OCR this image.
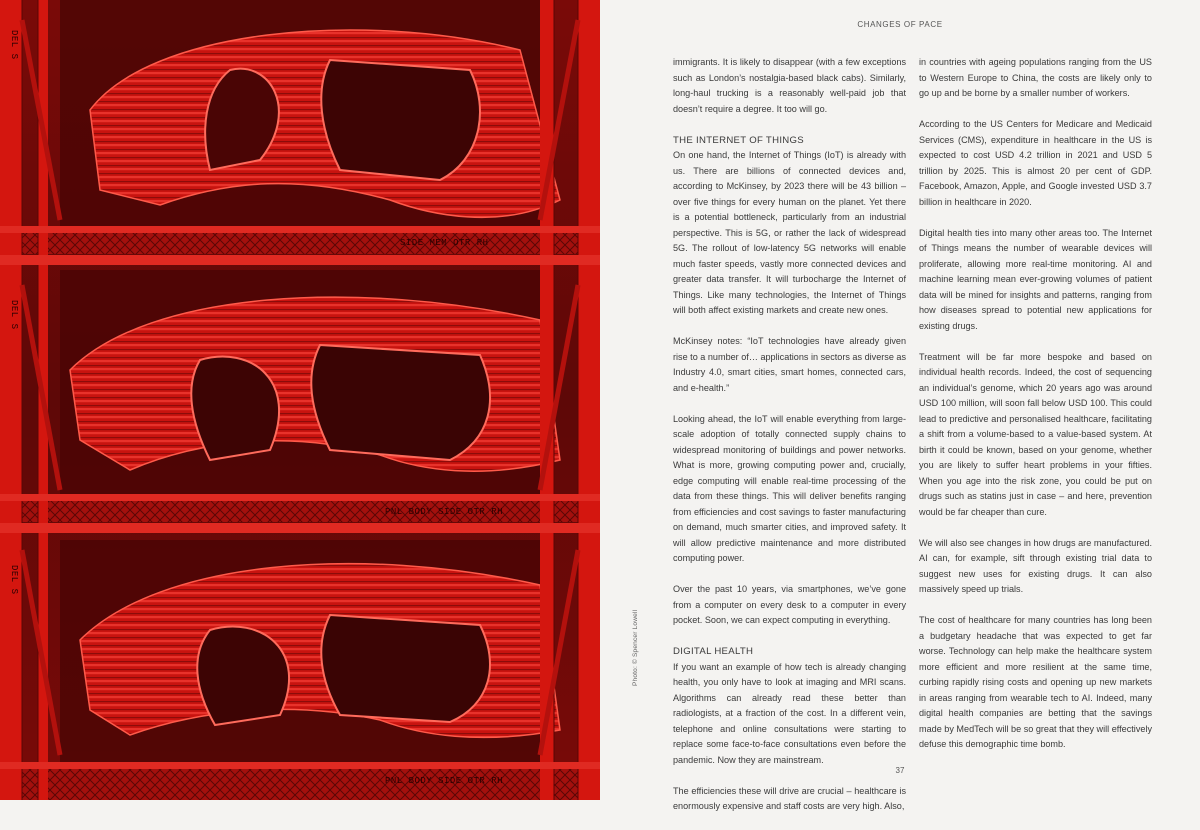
SIDE MEM OTR RH
PNL BODY SIDE OTR RH
PNL BODY SIDE OTR RH
DEL S
DEL S
DEL S
Photo: © Spencer Lowell
CHANGES OF PACE

immigrants. It is likely to disappear (with a few exceptions such as London’s nostalgia-based black cabs). Similarly, long-haul trucking is a reasonably well-paid job that doesn’t require a degree. It too will go.

THE INTERNET OF THINGS

On one hand, the Internet of Things (IoT) is already with us. There are billions of connected devices and, according to McKinsey, by 2023 there will be 43 billion – over five things for every human on the planet. Yet there is a potential bottleneck, particularly from an industrial perspective. This is 5G, or rather the lack of widespread 5G. The rollout of low-latency 5G networks will enable much faster speeds, vastly more connected devices and greater data transfer. It will turbocharge the Internet of Things. Like many technologies, the Internet of Things will both affect existing markets and create new ones.

McKinsey notes: “IoT technologies have already given rise to a number of… applications in sectors as diverse as Industry 4.0, smart cities, smart homes, connected cars, and e-health.”

Looking ahead, the IoT will enable everything from large-scale adoption of totally connected supply chains to widespread monitoring of buildings and power networks. What is more, growing computing power and, crucially, edge computing will enable real-time processing of the data from these things. This will deliver benefits ranging from efficiencies and cost savings to faster manufacturing on demand, much smarter cities, and improved safety. It will allow predictive maintenance and more distributed computing power.

Over the past 10 years, via smartphones, we’ve gone from a computer on every desk to a computer in every pocket. Soon, we can expect computing in everything.

DIGITAL HEALTH

If you want an example of how tech is already changing health, you only have to look at imaging and MRI scans. Algorithms can already read these better than radiologists, at a fraction of the cost. In a different vein, telephone and online consultations were starting to replace some face-to-face consultations even before the pandemic. Now they are mainstream.

The efficiencies these will drive are crucial – healthcare is enormously expensive and staff costs are very high. Also,

in countries with ageing populations ranging from the US to Western Europe to China, the costs are likely only to go up and be borne by a smaller number of workers.

According to the US Centers for Medicare and Medicaid Services (CMS), expenditure in healthcare in the US is expected to cost USD 4.2 trillion in 2021 and USD 5 trillion by 2025. This is almost 20 per cent of GDP. Facebook, Amazon, Apple, and Google invested USD 3.7 billion in healthcare in 2020.

Digital health ties into many other areas too. The Internet of Things means the number of wearable devices will proliferate, allowing more real-time monitoring. AI and machine learning mean ever-growing volumes of patient data will be mined for insights and patterns, ranging from how diseases spread to potential new applications for existing drugs.

Treatment will be far more bespoke and based on individual health records. Indeed, the cost of sequencing an individual’s genome, which 20 years ago was around USD 100 million, will soon fall below USD 100. This could lead to predictive and personalised healthcare, facilitating a shift from a volume-based to a value-based system. At birth it could be known, based on your genome, whether you are likely to suffer heart problems in your fifties. When you age into the risk zone, you could be put on drugs such as statins just in case – and here, prevention would be far cheaper than cure.

We will also see changes in how drugs are manufactured. AI can, for example, sift through existing trial data to suggest new uses for existing drugs. It can also massively speed up trials.

The cost of healthcare for many countries has long been a budgetary headache that was expected to get far worse. Technology can help make the healthcare system more efficient and more resilient at the same time, curbing rapidly rising costs and opening up new markets in areas ranging from wearable tech to AI. Indeed, many digital health companies are betting that the savings made by MedTech will be so great that they will effectively defuse this demographic time bomb.

37
